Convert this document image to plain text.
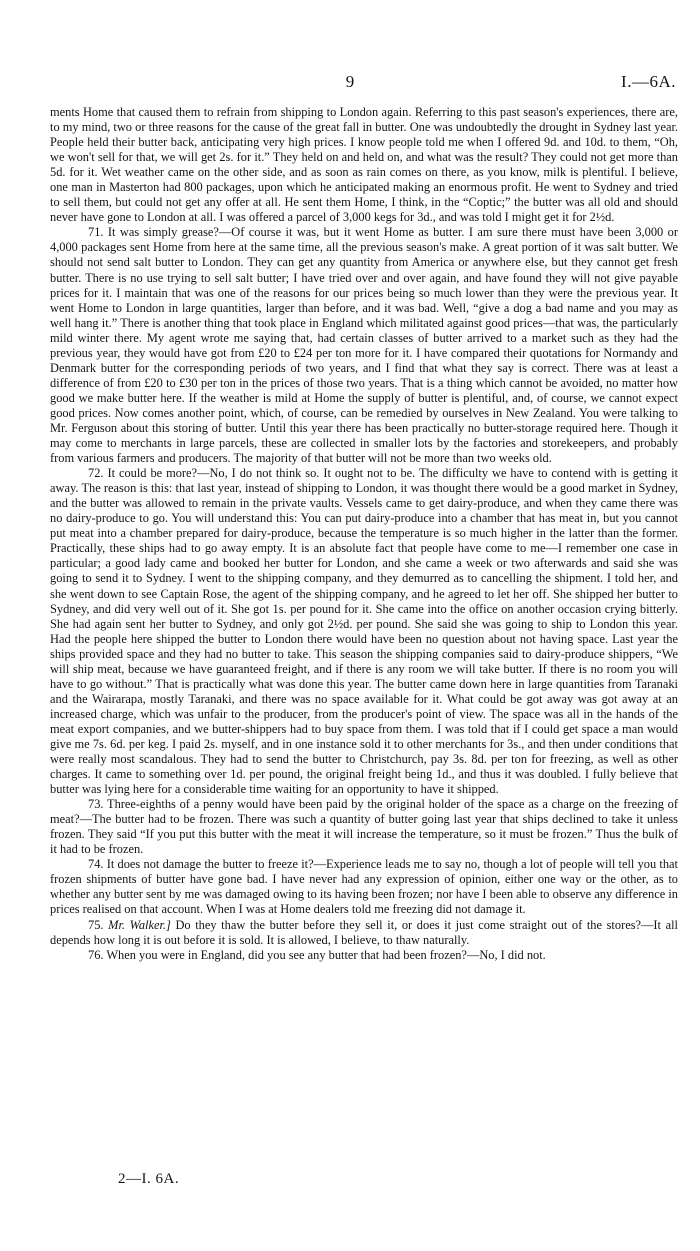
9	I.—6A.

ments Home that caused them to refrain from shipping to London again. Referring to this past season's experiences, there are, to my mind, two or three reasons for the cause of the great fall in butter. One was undoubtedly the drought in Sydney last year. People held their butter back, anticipating very high prices. I know people told me when I offered 9d. and 10d. to them, “Oh, we won't sell for that, we will get 2s. for it.” They held on and held on, and what was the result? They could not get more than 5d. for it. Wet weather came on the other side, and as soon as rain comes on there, as you know, milk is plentiful. I believe, one man in Masterton had 800 packages, upon which he anticipated making an enormous profit. He went to Sydney and tried to sell them, but could not get any offer at all. He sent them Home, I think, in the “Coptic;” the butter was all old and should never have gone to London at all. I was offered a parcel of 3,000 kegs for 3d., and was told I might get it for 2½d.

71. It was simply grease?—Of course it was, but it went Home as butter. I am sure there must have been 3,000 or 4,000 packages sent Home from here at the same time, all the previous season's make. A great portion of it was salt butter. We should not send salt butter to London. They can get any quantity from America or anywhere else, but they cannot get fresh butter. There is no use trying to sell salt butter; I have tried over and over again, and have found they will not give payable prices for it. I maintain that was one of the reasons for our prices being so much lower than they were the previous year. It went Home to London in large quantities, larger than before, and it was bad. Well, “give a dog a bad name and you may as well hang it.” There is another thing that took place in England which militated against good prices—that was, the particularly mild winter there. My agent wrote me saying that, had certain classes of butter arrived to a market such as they had the previous year, they would have got from £20 to £24 per ton more for it. I have compared their quotations for Normandy and Denmark butter for the corresponding periods of two years, and I find that what they say is correct. There was at least a difference of from £20 to £30 per ton in the prices of those two years. That is a thing which cannot be avoided, no matter how good we make butter here. If the weather is mild at Home the supply of butter is plentiful, and, of course, we cannot expect good prices. Now comes another point, which, of course, can be remedied by ourselves in New Zealand. You were talking to Mr. Ferguson about this storing of butter. Until this year there has been practically no butter-storage required here. Though it may come to merchants in large parcels, these are collected in smaller lots by the factories and storekeepers, and probably from various farmers and producers. The majority of that butter will not be more than two weeks old.

72. It could be more?—No, I do not think so. It ought not to be. The difficulty we have to contend with is getting it away. The reason is this: that last year, instead of shipping to London, it was thought there would be a good market in Sydney, and the butter was allowed to remain in the private vaults. Vessels came to get dairy-produce, and when they came there was no dairy-produce to go. You will understand this: You can put dairy-produce into a chamber that has meat in, but you cannot put meat into a chamber prepared for dairy-produce, because the temperature is so much higher in the latter than the former. Practically, these ships had to go away empty. It is an absolute fact that people have come to me—I remember one case in particular; a good lady came and booked her butter for London, and she came a week or two afterwards and said she was going to send it to Sydney. I went to the shipping company, and they demurred as to cancelling the shipment. I told her, and she went down to see Captain Rose, the agent of the shipping company, and he agreed to let her off. She shipped her butter to Sydney, and did very well out of it. She got 1s. per pound for it. She came into the office on another occasion crying bitterly. She had again sent her butter to Sydney, and only got 2½d. per pound. She said she was going to ship to London this year. Had the people here shipped the butter to London there would have been no question about not having space. Last year the ships provided space and they had no butter to take. This season the shipping companies said to dairy-produce shippers, “We will ship meat, because we have guaranteed freight, and if there is any room we will take butter. If there is no room you will have to go without.” That is practically what was done this year. The butter came down here in large quantities from Taranaki and the Wairarapa, mostly Taranaki, and there was no space available for it. What could be got away was got away at an increased charge, which was unfair to the producer, from the producer's point of view. The space was all in the hands of the meat export companies, and we butter-shippers had to buy space from them. I was told that if I could get space a man would give me 7s. 6d. per keg. I paid 2s. myself, and in one instance sold it to other merchants for 3s., and then under conditions that were really most scandalous. They had to send the butter to Christchurch, pay 3s. 8d. per ton for freezing, as well as other charges. It came to something over 1d. per pound, the original freight being 1d., and thus it was doubled. I fully believe that butter was lying here for a considerable time waiting for an opportunity to have it shipped.

73. Three-eighths of a penny would have been paid by the original holder of the space as a charge on the freezing of meat?—The butter had to be frozen. There was such a quantity of butter going last year that ships declined to take it unless frozen. They said “If you put this butter with the meat it will increase the temperature, so it must be frozen.” Thus the bulk of it had to be frozen.

74. It does not damage the butter to freeze it?—Experience leads me to say no, though a lot of people will tell you that frozen shipments of butter have gone bad. I have never had any expression of opinion, either one way or the other, as to whether any butter sent by me was damaged owing to its having been frozen; nor have I been able to observe any difference in prices realised on that account. When I was at Home dealers told me freezing did not damage it.

75. Mr. Walker.] Do they thaw the butter before they sell it, or does it just come straight out of the stores?—It all depends how long it is out before it is sold. It is allowed, I believe, to thaw naturally.

76. When you were in England, did you see any butter that had been frozen?—No, I did not.

2—I. 6A.
